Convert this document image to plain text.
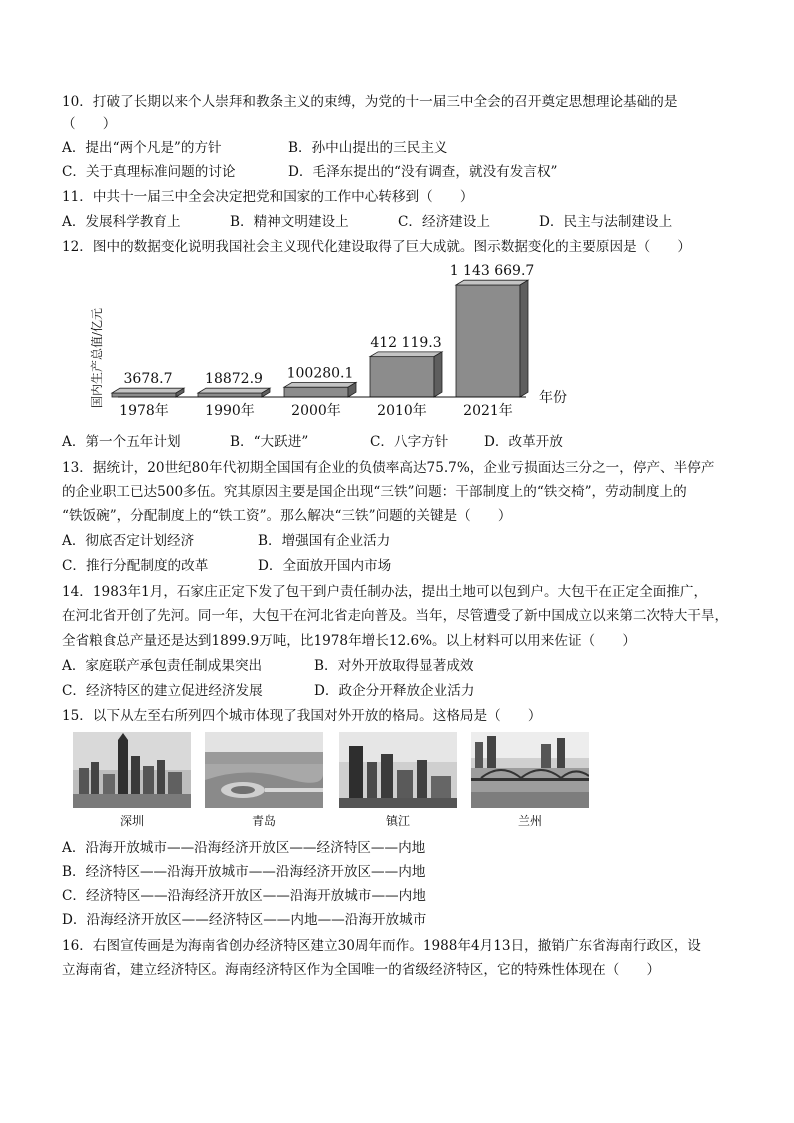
10．打破了长期以来个人崇拜和教条主义的束缚，为党的十一届三中全会的召开奠定思想理论基础的是
（　　）
A．提出“两个凡是”的方针	B．孙中山提出的三民主义
C．关于真理标准问题的讨论	D．毛泽东提出的“没有调查，就没有发言权”
11．中共十一届三中全会决定把党和国家的工作中心转移到（　　）
A．发展科学教育上	B．精神文明建设上	C．经济建设上	D．民主与法制建设上
12．图中的数据变化说明我国社会主义现代化建设取得了巨大成就。图示数据变化的主要原因是（　　）
国内生产总值/亿元 3678.7
1978年
18872.9
1990年
100280.1
2000年
412 119.3
2010年
1 143 669.7
2021年
年份
A．第一个五年计划	B．“大跃进”	C．八字方针	D．改革开放
13．据统计，20世纪80年代初期全国国有企业的负债率高达75.7%，企业亏损面达三分之一，停产、半停产
的企业职工已达500多伍。究其原因主要是国企出现“三铁”问题：干部制度上的“铁交椅”，劳动制度上的
“铁饭碗”，分配制度上的“铁工资”。那么解决“三铁”问题的关键是（　　）
A．彻底否定计划经济	B．增强国有企业活力
C．推行分配制度的改革	D．全面放开国内市场
14．1983年1月，石家庄正定下发了包干到户责任制办法，提出土地可以包到户。大包干在正定全面推广，
在河北省开创了先河。同一年，大包干在河北省走向普及。当年，尽管遭受了新中国成立以来第二次特大干旱，
全省粮食总产量还是达到1899.9万吨，比1978年增长12.6%。以上材料可以用来佐证（　　）
A．家庭联产承包责任制成果突出	B．对外开放取得显著成效
C．经济特区的建立促进经济发展	D．政企分开释放企业活力
15．以下从左至右所列四个城市体现了我国对外开放的格局。这格局是（　　）
深圳	青岛	镇江	兰州
A．沿海开放城市——沿海经济开放区——经济特区——内地
B．经济特区——沿海开放城市——沿海经济开放区——内地
C．经济特区——沿海经济开放区——沿海开放城市——内地
D．沿海经济开放区——经济特区——内地——沿海开放城市
16．右图宣传画是为海南省创办经济特区建立30周年而作。1988年4月13日，撤销广东省海南行政区，设
立海南省，建立经济特区。海南经济特区作为全国唯一的省级经济特区，它的特殊性体现在（　　）
